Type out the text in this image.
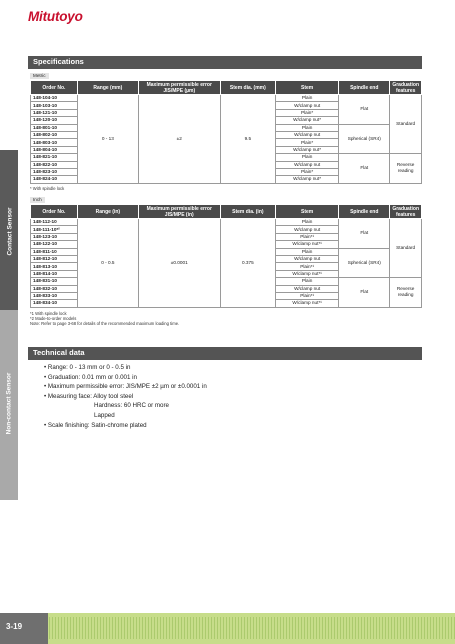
Mitutoyo
Contact Sensor
Non-contact Sensor
Specifications
Metric
Order No.	Range (mm)	Maximum permissible error JIS/MPE (µm)	Stem dia. (mm)	Stem	Spindle end	Graduation features
148-104-10	0 - 13	±2	9.5	Plain	Flat	Standard
148-103-10				W/clamp nut		
148-121-10				Plain*		
148-120-10				W/clamp nut*		
148-801-10				Plain	Spherical (SR4)	
148-802-10				W/clamp nut		
148-803-10				Plain*		
148-804-10				W/clamp nut*		
148-821-10				Plain	Flat	Reverse reading
148-822-10				W/clamp nut		
148-823-10				Plain*		
148-824-10				W/clamp nut*		
* With spindle lock
Inch
Order No.	Range (in)	Maximum permissible error JIS/MPE (in)	Stem dia. (in)	Stem	Spindle end	Graduation features
148-112-10	0 - 0.5	±0.0001	0.375	Plain	Flat	Standard
148-111-10*²				W/clamp nut		
148-123-10				Plain*¹		
148-122-10				W/clamp nut*¹		
148-811-10				Plain	Spherical (SR4)	
148-812-10				W/clamp nut		
148-813-10				Plain*¹		
148-814-10				W/clamp nut*¹		
148-831-10				Plain	Flat	Reverse reading
148-832-10				W/clamp nut		
148-833-10				Plain*¹		
148-834-10				W/clamp nut*¹		
*1 With spindle lock
*2 Made-to-order models
Note: Refer to page 3-68 for details of the recommended maximum loading time.
Technical data
• Range: 0 - 13 mm or 0 - 0.5 in
• Graduation: 0.01 mm or 0.001 in
• Maximum permissible error: JIS/MPE ±2 µm or ±0.0001 in
• Measuring face: Alloy tool steel
Hardness: 60 HRC or more
Lapped
• Scale finishing: Satin-chrome plated
3-19
